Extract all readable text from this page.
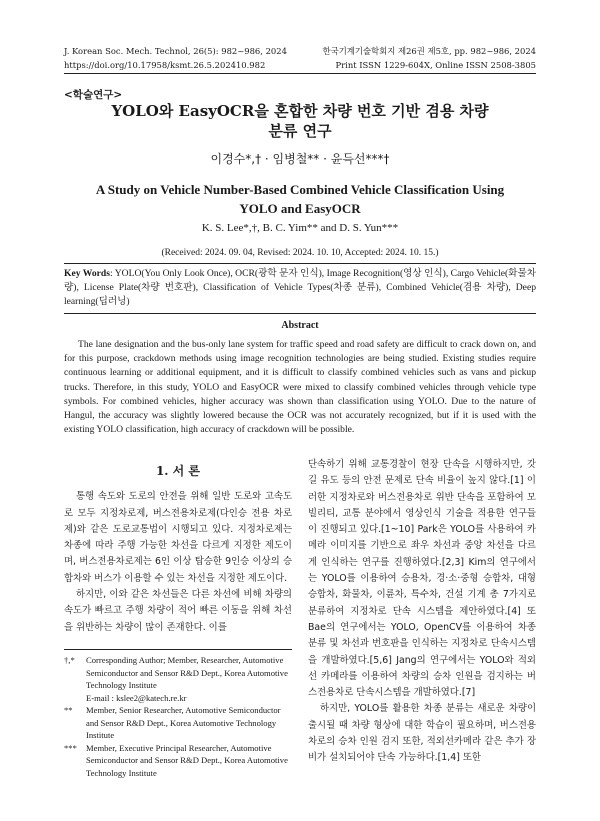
J. Korean Soc. Mech. Technol, 26(5): 982~986, 2024
https://doi.org/10.17958/ksmt.26.5.202410.982
한국기계기술학회지 제26권 제5호, pp. 982~986, 2024
Print ISSN 1229-604X, Online ISSN 2508-3805
<학술연구>
YOLO와 EasyOCR을 혼합한 차량 번호 기반 겸용 차량
분류 연구
이경수*,† · 임병철** · 윤득선***†
A Study on Vehicle Number-Based Combined Vehicle Classification Using
YOLO and EasyOCR
K. S. Lee*,†, B. C. Yim** and D. S. Yun***
(Received: 2024. 09. 04, Revised: 2024. 10. 10, Accepted: 2024. 10. 15.)
Key Words: YOLO(You Only Look Once), OCR(광학 문자 인식), Image Recognition(영상 인식), Cargo Vehicle(화물차량), License Plate(차량 번호판), Classification of Vehicle Types(차종 분류), Combined Vehicle(겸용 차량), Deep learning(딥러닝)
Abstract
The lane designation and the bus-only lane system for traffic speed and road safety are difficult to crack down on, and for this purpose, crackdown methods using image recognition technologies are being studied. Existing studies require continuous learning or additional equipment, and it is difficult to classify combined vehicles such as vans and pickup trucks. Therefore, in this study, YOLO and EasyOCR were mixed to classify combined vehicles through vehicle type symbols. For combined vehicles, higher accuracy was shown than classification using YOLO. Due to the nature of Hangul, the accuracy was slightly lowered because the OCR was not accurately recognized, but if it is used with the existing YOLO classification, high accuracy of crackdown will be possible.
1. 서 론

통행 속도와 도로의 안전을 위해 일반 도로와 고속도로 모두 지정차로제, 버스전용차로제(다인승 전용 차로제)와 같은 도로교통법이 시행되고 있다. 지정차로제는 차종에 따라 주행 가능한 차선을 다르게 지정한 제도이며, 버스전용차로제는 6인 이상 탑승한 9인승 이상의 승합차와 버스가 이용할 수 있는 차선을 지정한 제도이다.

하지만, 이와 같은 차선들은 다른 차선에 비해 차량의 속도가 빠르고 주행 차량이 적어 빠른 이동을 위해 차선을 위반하는 차량이 많이 존재한다. 이를

단속하기 위해 교통경찰이 현장 단속을 시행하지만, 갓길 유도 등의 안전 문제로 단속 비율이 높지 않다.[1] 이러한 지정차로와 버스전용차로 위반 단속을 포함하여 모빌리티, 교통 분야에서 영상인식 기술을 적용한 연구들이 진행되고 있다.[1~10] Park은 YOLO를 사용하여 카메라 이미지를 기반으로 좌우 차선과 중앙 차선을 다르게 인식하는 연구를 진행하였다.[2,3] Kim의 연구에서는 YOLO를 이용하여 승용차, 경·소·중형 승합차, 대형 승합차, 화물차, 이륜차, 특수차, 건설 기계 총 7가지로 분류하여 지정차로 단속 시스템을 제안하였다.[4] 또 Bae의 연구에서는 YOLO, OpenCV를 이용하여 차종 분류 및 차선과 번호판을 인식하는 지정차로 단속시스템을 개발하였다.[5,6] Jang의 연구에서는 YOLO와 적외선 카메라를 이용하여 차량의 승차 인원을 검지하는 버스전용차로 단속시스템을 개발하였다.[7]

하지만, YOLO를 활용한 차종 분류는 새로운 차량이 출시될 때 차량 형상에 대한 학습이 필요하며, 버스전용차로의 승차 인원 검지 또한, 적외선카메라 같은 추가 장비가 설치되어야 단속 가능하다.[1,4] 또한

†,*	Corresponding Author; Member, Researcher, Automotive Semiconductor and Sensor R&D Dept., Korea Automotive Technology Institute
E-mail : kslee2@katech.re.kr
**	Member, Senior Researcher, Automotive Semiconductor and Sensor R&D Dept., Korea Automotive Technology Institute
***	Member, Executive Principal Researcher, Automotive Semiconductor and Sensor R&D Dept., Korea Automotive Technology Institute
